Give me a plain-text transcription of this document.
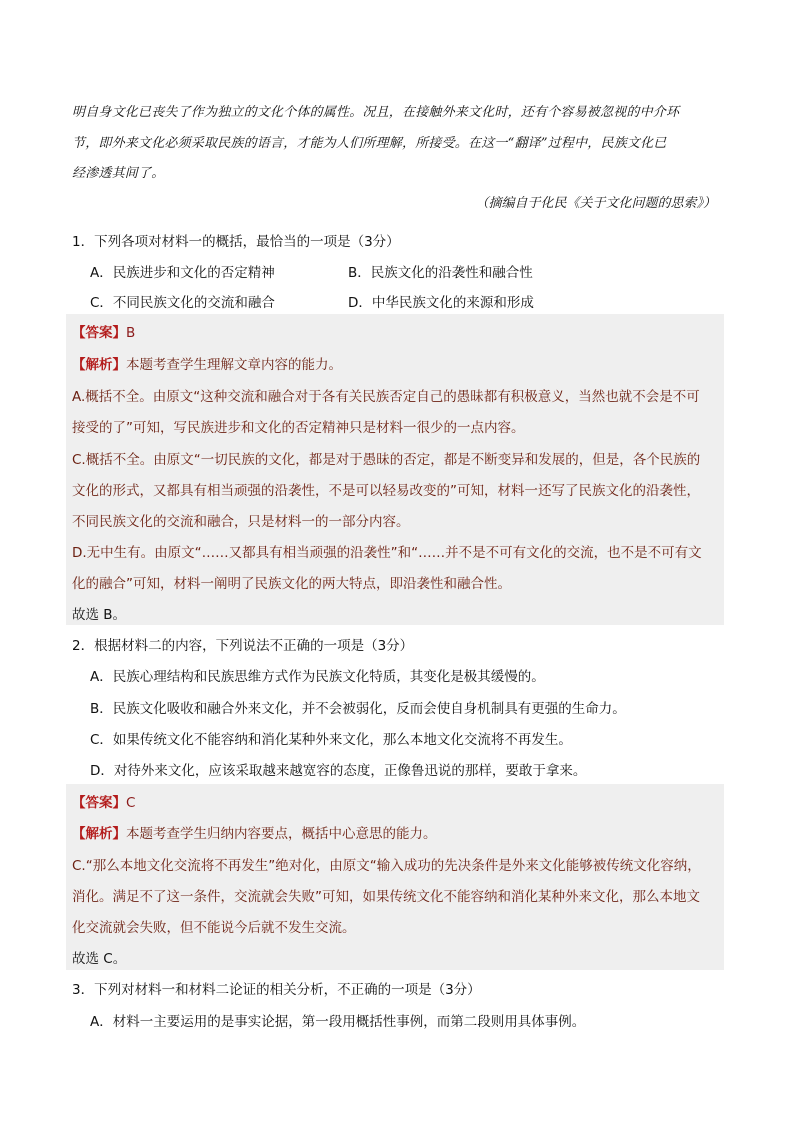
明自身文化已丧失了作为独立的文化个体的属性。况且，在接触外来文化时，还有个容易被忽视的中介环

节，即外来文化必须采取民族的语言，才能为人们所理解，所接受。在这一“翻译”过程中，民族文化已

经渗透其间了。

（摘编自于化民《关于文化问题的思索》）
1．下列各项对材料一的概括，最恰当的一项是（3分）
A．民族进步和文化的否定精神	B．民族文化的沿袭性和融合性
C．不同民族文化的交流和融合	D．中华民族文化的来源和形成
【答案】B
【解析】本题考查学生理解文章内容的能力。
A.概括不全。由原文“这种交流和融合对于各有关民族否定自己的愚昧都有积极意义，当然也就不会是不可
接受的了”可知，写民族进步和文化的否定精神只是材料一很少的一点内容。
C.概括不全。由原文“一切民族的文化，都是对于愚昧的否定，都是不断变异和发展的，但是，各个民族的
文化的形式，又都具有相当顽强的沿袭性，不是可以轻易改变的”可知，材料一还写了民族文化的沿袭性，
不同民族文化的交流和融合，只是材料一的一部分内容。
D.无中生有。由原文“……又都具有相当顽强的沿袭性”和“……并不是不可有文化的交流，也不是不可有文
化的融合”可知，材料一阐明了民族文化的两大特点，即沿袭性和融合性。
故选 B。
2．根据材料二的内容，下列说法不正确的一项是（3分）
A．民族心理结构和民族思维方式作为民族文化特质，其变化是极其缓慢的。
B．民族文化吸收和融合外来文化，并不会被弱化，反而会使自身机制具有更强的生命力。
C．如果传统文化不能容纳和消化某种外来文化，那么本地文化交流将不再发生。
D．对待外来文化，应该采取越来越宽容的态度，正像鲁迅说的那样，要敢于拿来。
【答案】C
【解析】本题考查学生归纳内容要点，概括中心意思的能力。
C.“那么本地文化交流将不再发生”绝对化，由原文“输入成功的先决条件是外来文化能够被传统文化容纳，
消化。满足不了这一条件，交流就会失败”可知，如果传统文化不能容纳和消化某种外来文化，那么本地文
化交流就会失败，但不能说今后就不发生交流。
故选 C。
3．下列对材料一和材料二论证的相关分析，不正确的一项是（3分）
A．材料一主要运用的是事实论据，第一段用概括性事例，而第二段则用具体事例。
